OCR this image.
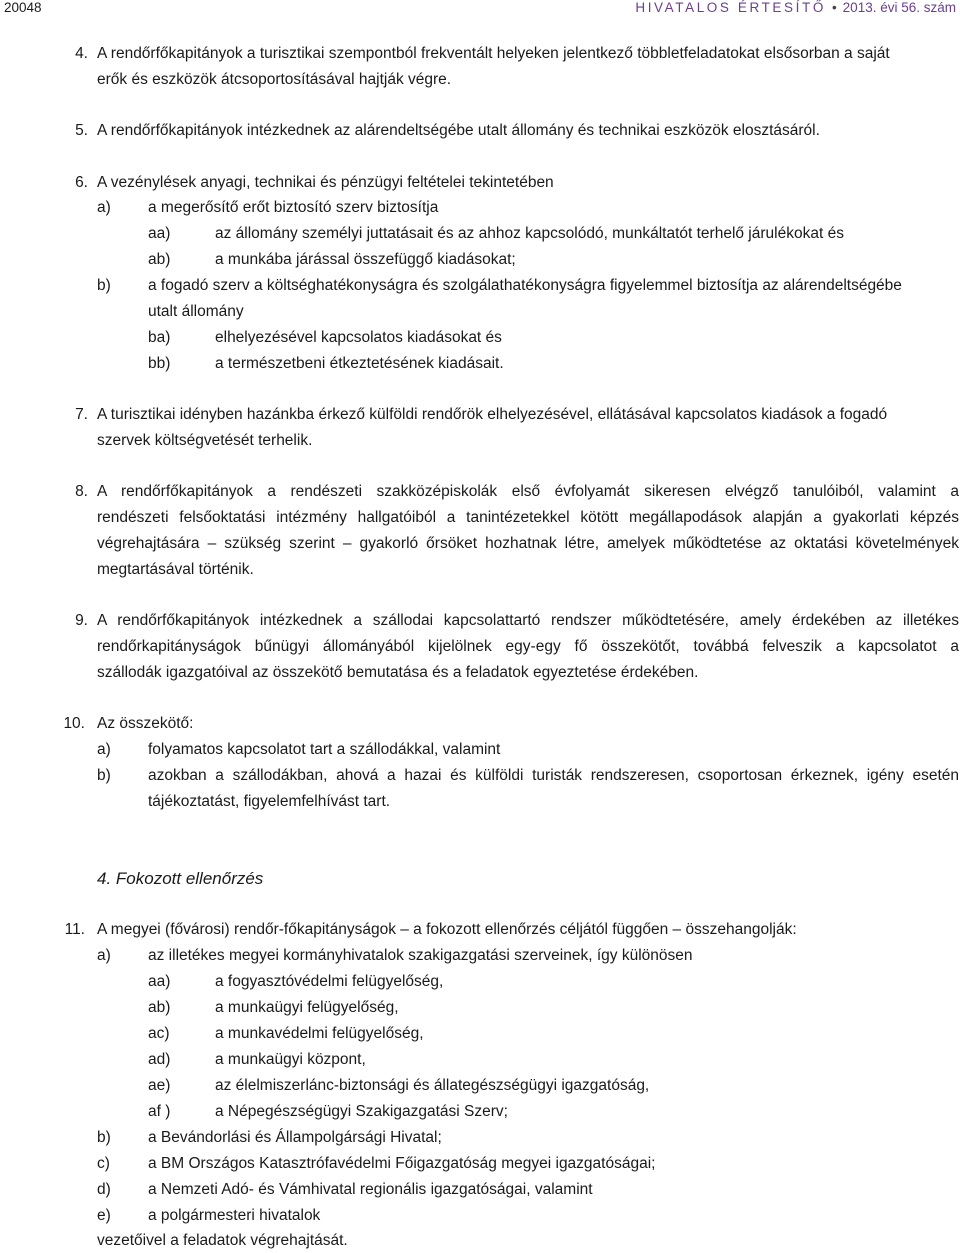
20048	HIVATALOS ÉRTESÍTŐ • 2013. évi 56. szám
4. A rendőrfőkapitányok a turisztikai szempontból frekventált helyeken jelentkező többletfeladatokat elsősorban a saját
erők és eszközök átcsoportosításával hajtják végre.
5. A rendőrfőkapitányok intézkednek az alárendeltségébe utalt állomány és technikai eszközök elosztásáról.
6. A vezénylések anyagi, technikai és pénzügyi feltételei tekintetében
a) a megerősítő erőt biztosító szerv biztosítja
aa)	az állomány személyi juttatásait és az ahhoz kapcsolódó, munkáltatót terhelő járulékokat és
ab)	a munkába járással összefüggő kiadásokat;
b) a fogadó szerv a költséghatékonyságra és szolgálathatékonyságra figyelemmel biztosítja az alárendeltségébe
utalt állomány
ba)	elhelyezésével kapcsolatos kiadásokat és
bb)	a természetbeni étkeztetésének kiadásait.
7. A turisztikai idényben hazánkba érkező külföldi rendőrök elhelyezésével, ellátásával kapcsolatos kiadások a fogadó
szervek költségvetését terhelik.
8. A rendőrfőkapitányok a rendészeti szakközépiskolák első évfolyamát sikeresen elvégző tanulóiból, valamint a
rendészeti felsőoktatási intézmény hallgatóiból a tanintézetekkel kötött megállapodások alapján a gyakorlati képzés
végrehajtására – szükség szerint – gyakorló őrsöket hozhatnak létre, amelyek működtetése az oktatási követelmények
megtartásával történik.
9. A rendőrfőkapitányok intézkednek a szállodai kapcsolattartó rendszer működtetésére, amely érdekében az illetékes
rendőrkapitányságok bűnügyi állományából kijelölnek egy-egy fő összekötőt, továbbá felveszik a kapcsolatot a
szállodák igazgatóival az összekötő bemutatása és a feladatok egyeztetése érdekében.
10. Az összekötő:
a) folyamatos kapcsolatot tart a szállodákkal, valamint
b) azokban a szállodákban, ahová a hazai és külföldi turisták rendszeresen, csoportosan érkeznek, igény esetén
tájékoztatást, figyelemfelhívást tart.
4. Fokozott ellenőrzés
11. A megyei (fővárosi) rendőr-főkapitányságok – a fokozott ellenőrzés céljától függően – összehangolják:
a) az illetékes megyei kormányhivatalok szakigazgatási szerveinek, így különösen
aa)	a fogyasztóvédelmi felügyelőség,
ab)	a munkaügyi felügyelőség,
ac)	a munkavédelmi felügyelőség,
ad)	a munkaügyi központ,
ae)	az élelmiszerlánc-biztonsági és állategészségügyi igazgatóság,
af )	a Népegészségügyi Szakigazgatási Szerv;
b) a Bevándorlási és Állampolgársági Hivatal;
c) a BM Országos Katasztrófavédelmi Főigazgatóság megyei igazgatóságai;
d) a Nemzeti Adó- és Vámhivatal regionális igazgatóságai, valamint
e) a polgármesteri hivatalok
vezetőivel a feladatok végrehajtását.
